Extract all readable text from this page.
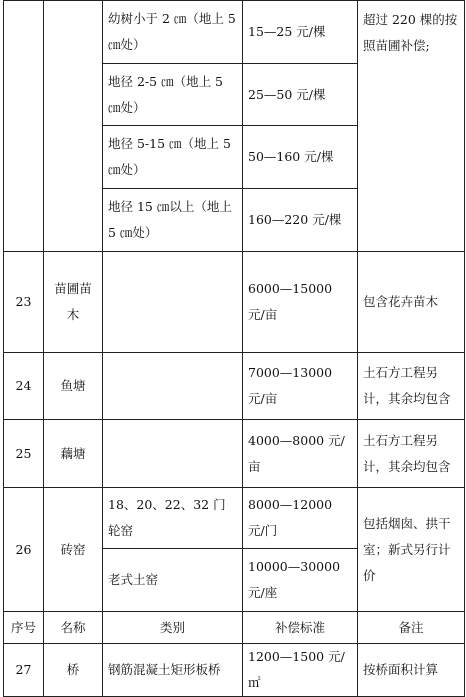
		幼树小于 2 ㎝（地上 5 ㎝处）	15—25 元/棵	超过 220 棵的按照苗圃补偿;
		地径 2-5 ㎝（地上 5 ㎝处）	25—50 元/棵	
		地径 5-15 ㎝（地上 5 ㎝处）	50—160 元/棵	
		地径 15 ㎝以上（地上 5 ㎝处）	160—220 元/棵	
23	苗圃苗木		6000—15000 元/亩	包含花卉苗木
24	鱼塘		7000—13000 元/亩	土石方工程另计，其余均包含
25	藕塘		4000—8000 元/亩	土石方工程另计，其余均包含
26	砖窑	18、20、22、32 门轮窑	8000—12000 元/门	包括烟囱、拱干室；新式另行计价
		老式土窑	10000—30000 元/座	
序号	名称	类别	补偿标准	备注
27	桥	钢筋混凝土矩形板桥	1200—1500 元/㎡	按桥面积计算
